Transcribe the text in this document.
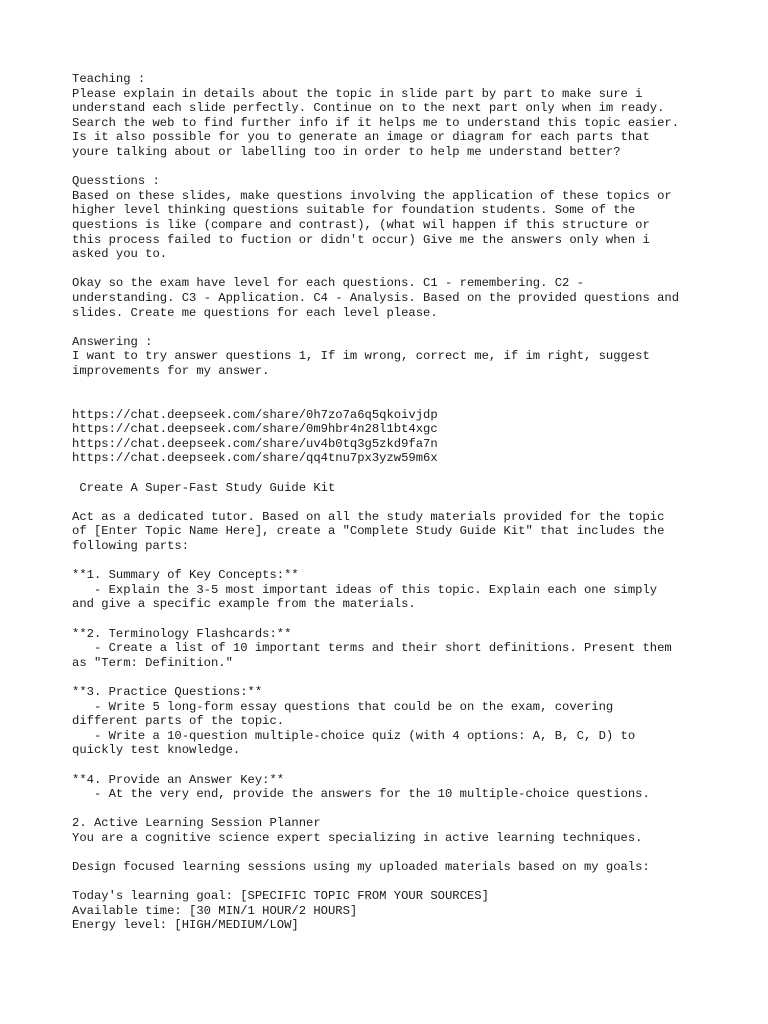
Teaching :
Please explain in details about the topic in slide part by part to make sure i
understand each slide perfectly. Continue on to the next part only when im ready.
Search the web to find further info if it helps me to understand this topic easier.
Is it also possible for you to generate an image or diagram for each parts that
youre talking about or labelling too in order to help me understand better?
Quesstions :
Based on these slides, make questions involving the application of these topics or
higher level thinking questions suitable for foundation students. Some of the
questions is like (compare and contrast), (what wil happen if this structure or
this process failed to fuction or didn't occur) Give me the answers only when i
asked you to.
Okay so the exam have level for each questions. C1 - remembering. C2 -
understanding. C3 - Application. C4 - Analysis. Based on the provided questions and
slides. Create me questions for each level please.
Answering :
I want to try answer questions 1, If im wrong, correct me, if im right, suggest
improvements for my answer.
https://chat.deepseek.com/share/0h7zo7a6q5qkoivjdp
https://chat.deepseek.com/share/0m9hbr4n28l1bt4xgc
https://chat.deepseek.com/share/uv4b0tq3g5zkd9fa7n
https://chat.deepseek.com/share/qq4tnu7px3yzw59m6x
Create A Super-Fast Study Guide Kit
Act as a dedicated tutor. Based on all the study materials provided for the topic
of [Enter Topic Name Here], create a "Complete Study Guide Kit" that includes the
following parts:
**1. Summary of Key Concepts:**
- Explain the 3-5 most important ideas of this topic. Explain each one simply
and give a specific example from the materials.
**2. Terminology Flashcards:**
- Create a list of 10 important terms and their short definitions. Present them
as "Term: Definition."
**3. Practice Questions:**
- Write 5 long-form essay questions that could be on the exam, covering
different parts of the topic.
- Write a 10-question multiple-choice quiz (with 4 options: A, B, C, D) to
quickly test knowledge.
**4. Provide an Answer Key:**
- At the very end, provide the answers for the 10 multiple-choice questions.
2. Active Learning Session Planner
You are a cognitive science expert specializing in active learning techniques.
Design focused learning sessions using my uploaded materials based on my goals:
Today's learning goal: [SPECIFIC TOPIC FROM YOUR SOURCES]
Available time: [30 MIN/1 HOUR/2 HOURS]
Energy level: [HIGH/MEDIUM/LOW]
